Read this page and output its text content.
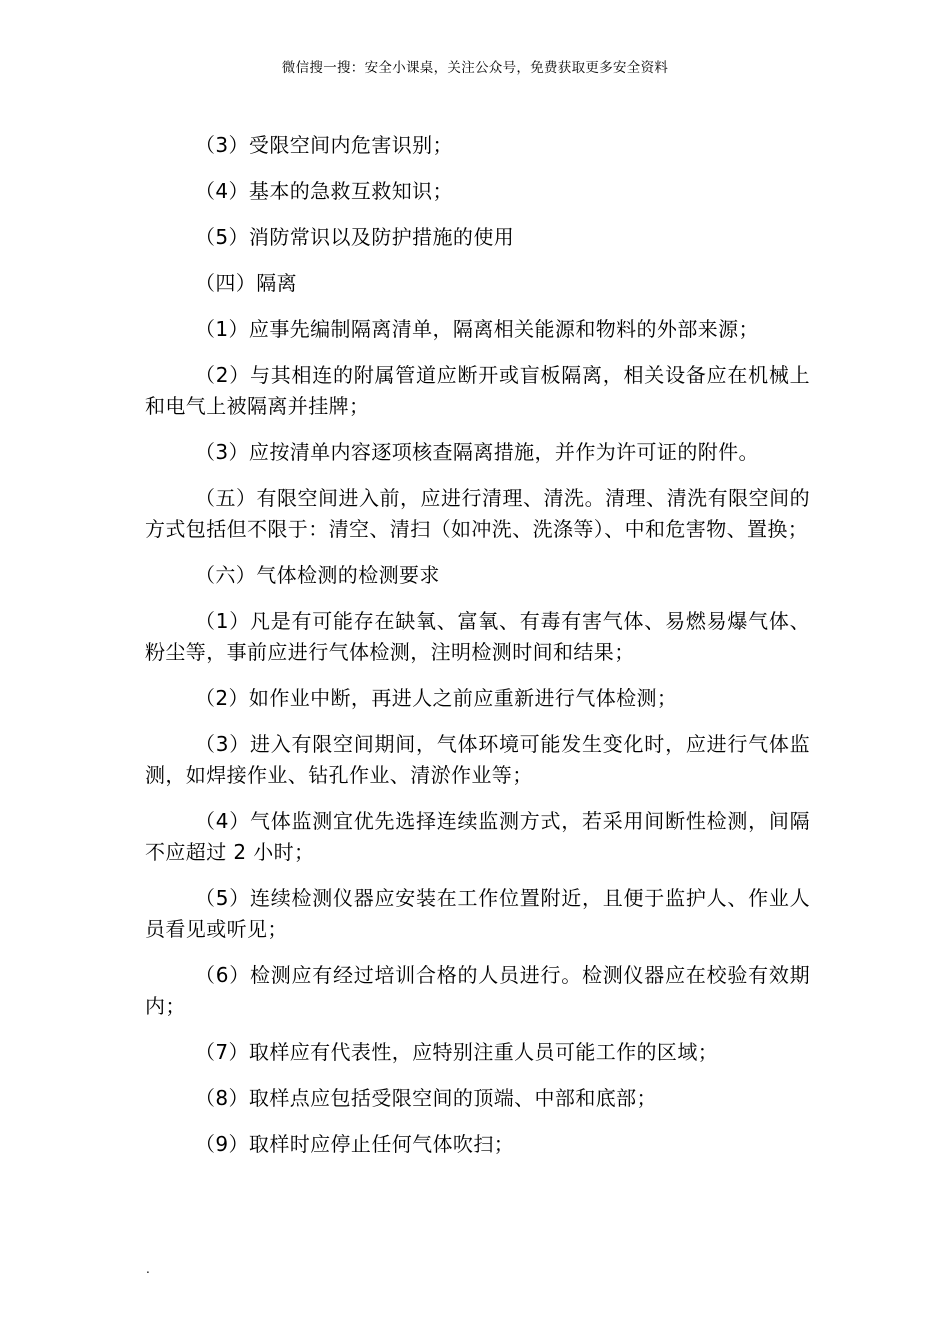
微信搜一搜：安全小课桌，关注公众号，免费获取更多安全资料

（3）受限空间内危害识别；

（4）基本的急救互救知识；

（5）消防常识以及防护措施的使用

（四）隔离

（1）应事先编制隔离清单，隔离相关能源和物料的外部来源；

（2）与其相连的附属管道应断开或盲板隔离，相关设备应在机械上和电气上被隔离并挂牌；

（3）应按清单内容逐项核查隔离措施，并作为许可证的附件。

（五）有限空间进入前，应进行清理、清洗。清理、清洗有限空间的方式包括但不限于：清空、清扫（如冲洗、洗涤等）、中和危害物、置换；

（六）气体检测的检测要求

（1）凡是有可能存在缺氧、富氧、有毒有害气体、易燃易爆气体、粉尘等，事前应进行气体检测，注明检测时间和结果；

（2）如作业中断，再进人之前应重新进行气体检测；

（3）进入有限空间期间，气体环境可能发生变化时，应进行气体监测，如焊接作业、钻孔作业、清淤作业等；

（4）气体监测宜优先选择连续监测方式，若采用间断性检测，间隔不应超过 2 小时；

（5）连续检测仪器应安装在工作位置附近，且便于监护人、作业人员看见或听见；

（6）检测应有经过培训合格的人员进行。检测仪器应在校验有效期内；

（7）取样应有代表性，应特别注重人员可能工作的区域；

（8）取样点应包括受限空间的顶端、中部和底部；

（9）取样时应停止任何气体吹扫；

.
